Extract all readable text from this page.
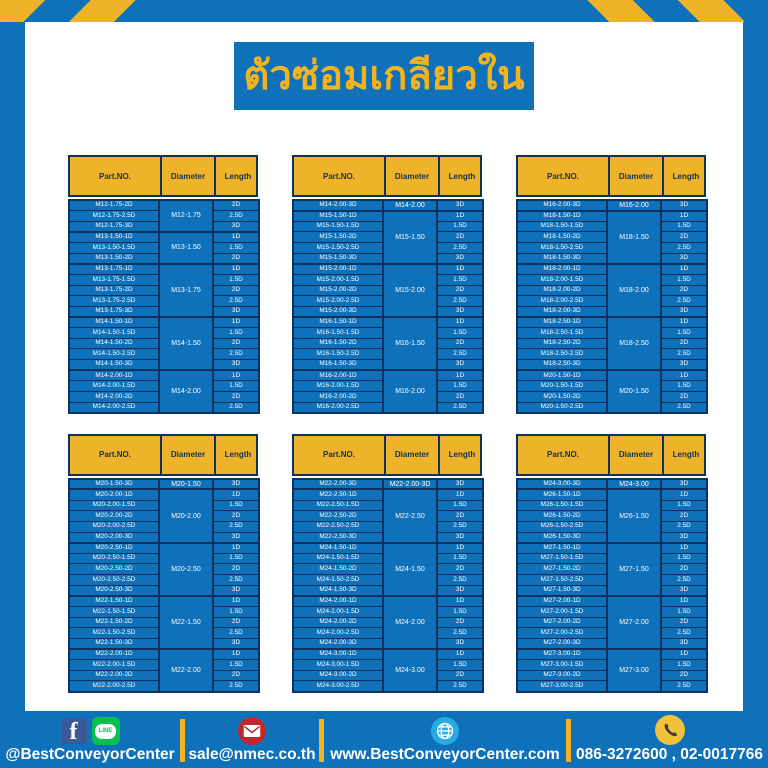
ตัวซ่อมเกลียวใน
Part.NO.	Diameter	Length
M12-1.75-2D	M12-1.75	2D
M12-1.75-2.5D		2.5D
M12-1.75-3D		3D
M13-1.50-1D	M13-1.50	1D
M13-1.50-1.5D		1.5D
M13-1.50-2D		2D
M13-1.75-1D	M13-1.75	1D
M13-1.75-1.5D		1.5D
M13-1.75-2D		2D
M13-1.75-2.5D		2.5D
M13-1.75-3D		3D
M14-1.50-1D	M14-1.50	1D
M14-1.50-1.5D		1.5D
M14-1.50-2D		2D
M14-1.50-2.5D		2.5D
M14-1.50-3D		3D
M14-2.00-1D	M14-2.00	1D
M14-2.00-1.5D		1.5D
M14-2.00-2D		2D
M14-2.00-2.5D		2.5D
Part.NO.	Diameter	Length
M14-2.00-3D	M14-2.00	3D
M15-1.50-1D	M15-1.50	1D
M15-1.50-1.5D		1.5D
M15-1.50-2D		2D
M15-1.50-2.5D		2.5D
M15-1.50-3D		3D
M15-2.00-1D	M15-2.00	1D
M15-2.00-1.5D		1.5D
M15-2.00-2D		2D
M15-2.00-2.5D		2.5D
M15-2.00-3D		3D
M16-1.50-1D	M16-1.50	1D
M16-1.50-1.5D		1.5D
M16-1.50-2D		2D
M16-1.50-2.5D		2.5D
M16-1.50-3D		3D
M16-2.00-1D	M16-2.00	1D
M16-2.00-1.5D		1.5D
M16-2.00-2D		2D
M16-2.00-2.5D		2.5D
Part.NO.	Diameter	Length
M16-2.00-3D	M16-2.00	3D
M18-1.50-1D	M18-1.50	1D
M18-1.50-1.5D		1.5D
M18-1.50-2D		2D
M18-1.50-2.5D		2.5D
M18-1.50-3D		3D
M18-2.00-1D	M18-2.00	1D
M18-2.00-1.5D		1.5D
M18-2.00-2D		2D
M18-2.00-2.5D		2.5D
M18-2.00-3D		3D
M18-2.50-1D	M18-2.50	1D
M18-2.50-1.5D		1.5D
M18-2.50-2D		2D
M18-2.50-2.5D		2.5D
M18-2.50-3D		3D
M20-1.50-1D	M20-1.50	1D
M20-1.50-1.5D		1.5D
M20-1.50-2D		2D
M20-1.50-2.5D		2.5D
Part.NO.	Diameter	Length
M20-1.50-3D	M20-1.50	3D
M20-2.00-1D	M20-2.00	1D
M20-2.00-1.5D		1.5D
M20-2.00-2D		2D
M20-2.00-2.5D		2.5D
M20-2.00-3D		3D
M20-2.50-1D	M20-2.50	1D
M20-2.50-1.5D		1.5D
M20-2.50-2D		2D
M20-2.50-2.5D		2.5D
M20-2.50-3D		3D
M22-1.50-1D	M22-1.50	1D
M22-1.50-1.5D		1.5D
M22-1.50-2D		2D
M22-1.50-2.5D		2.5D
M22-1.50-3D		3D
M22-2.00-1D	M22-2.00	1D
M22-2.00-1.5D		1.5D
M22-2.00-2D		2D
M22-2.00-2.5D		2.5D
Part.NO.	Diameter	Length
M22-2.00-3D	M22-2.00-3D	3D
M22-2.50-1D	M22-2.50	1D
M22-2.50-1.5D		1.5D
M22-2.50-2D		2D
M22-2.50-2.5D		2.5D
M22-2.50-3D		3D
M24-1.50-1D	M24-1.50	1D
M24-1.50-1.5D		1.5D
M24-1.50-2D		2D
M24-1.50-2.5D		2.5D
M24-1.50-3D		3D
M24-2.00-1D	M24-2.00	1D
M24-2.00-1.5D		1.5D
M24-2.00-2D		2D
M24-2.00-2.5D		2.5D
M24-2.00-3D		3D
M24-3.00-1D	M24-3.00	1D
M24-3.00-1.5D		1.5D
M24-3.00-2D		2D
M24-3.00-2.5D		2.5D
Part.NO.	Diameter	Length
M24-3.00-3D	M24-3.00	3D
M26-1.50-1D	M26-1.50	1D
M26-1.50-1.5D		1.5D
M26-1.50-2D		2D
M26-1.50-2.5D		2.5D
M26-1.50-3D		3D
M27-1.50-1D	M27-1.50	1D
M27-1.50-1.5D		1.5D
M27-1.50-2D		2D
M27-1.50-2.5D		2.5D
M27-1.50-3D		3D
M27-2.00-1D	M27-2.00	1D
M27-2.00-1.5D		1.5D
M27-2.00-2D		2D
M27-2.00-2.5D		2.5D
M27-2.00-3D		3D
M27-3.00-1D	M27-3.00	1D
M27-3.00-1.5D		1.5D
M27-3.00-2D		2D
M27-3.00-2.5D		2.5D
f	LINE
@BestConveyorCenter sale@nmec.co.th www.BestConveyorCenter.com 086-3272600 , 02-0017766
